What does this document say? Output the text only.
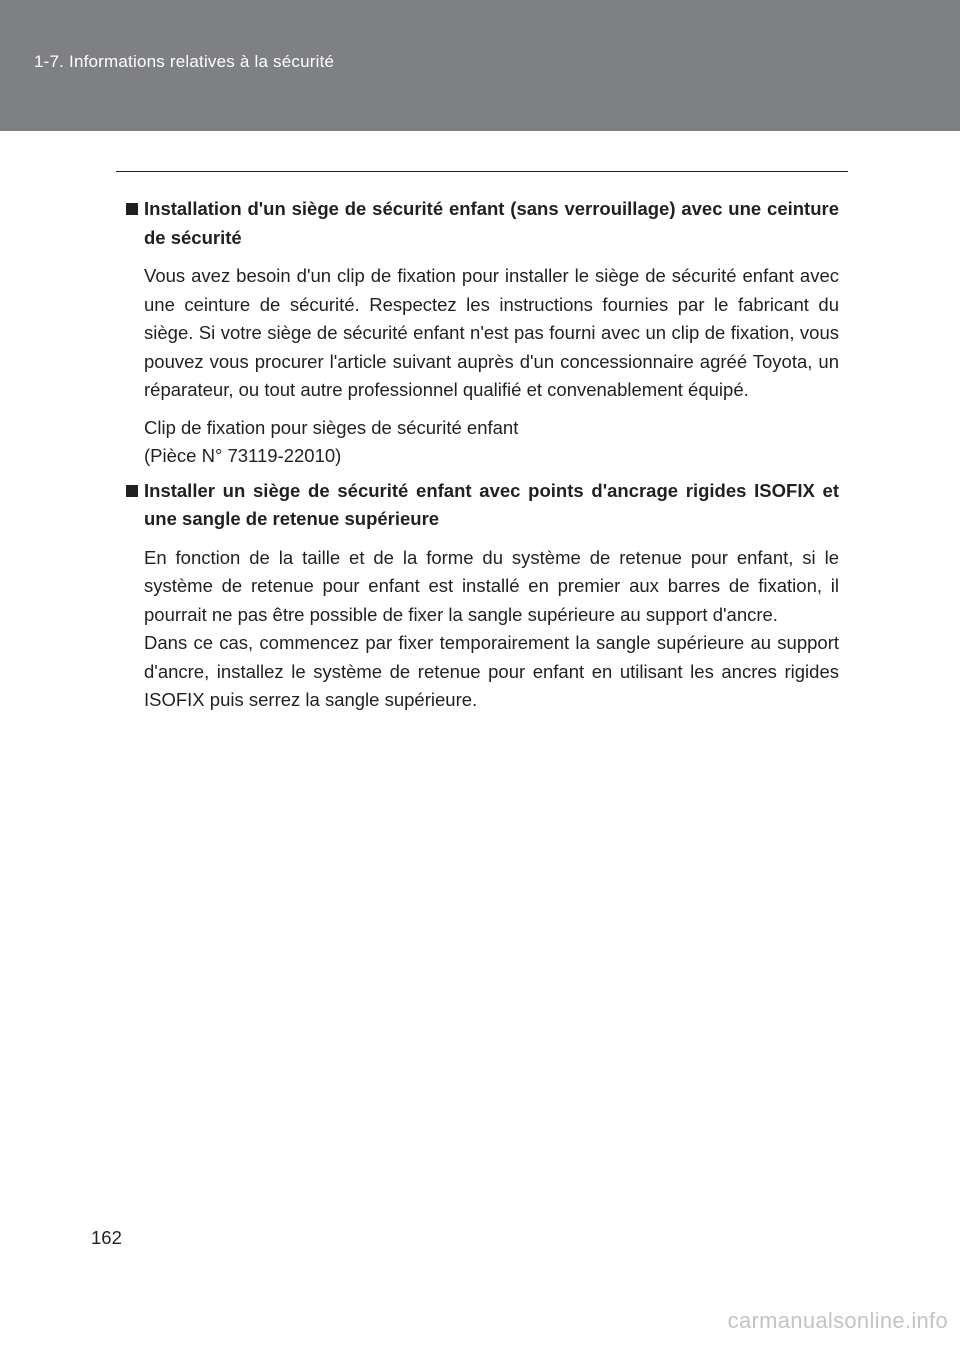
1-7. Informations relatives à la sécurité
Installation d'un siège de sécurité enfant (sans verrouillage) avec une ceinture de sécurité

Vous avez besoin d'un clip de fixation pour installer le siège de sécurité enfant avec une ceinture de sécurité. Respectez les instructions fournies par le fabricant du siège. Si votre siège de sécurité enfant n'est pas fourni avec un clip de fixation, vous pouvez vous procurer l'article suivant auprès d'un concessionnaire agréé Toyota, un réparateur, ou tout autre professionnel qualifié et convenablement équipé.

Clip de fixation pour sièges de sécurité enfant
(Pièce N° 73119-22010)

Installer un siège de sécurité enfant avec points d'ancrage rigides ISOFIX et une sangle de retenue supérieure

En fonction de la taille et de la forme du système de retenue pour enfant, si le système de retenue pour enfant est installé en premier aux barres de fixation, il pourrait ne pas être possible de fixer la sangle supérieure au support d'ancre.
Dans ce cas, commencez par fixer temporairement la sangle supérieure au support d'ancre, installez le système de retenue pour enfant en utilisant les ancres rigides ISOFIX puis serrez la sangle supérieure.

162
carmanualsonline.info
